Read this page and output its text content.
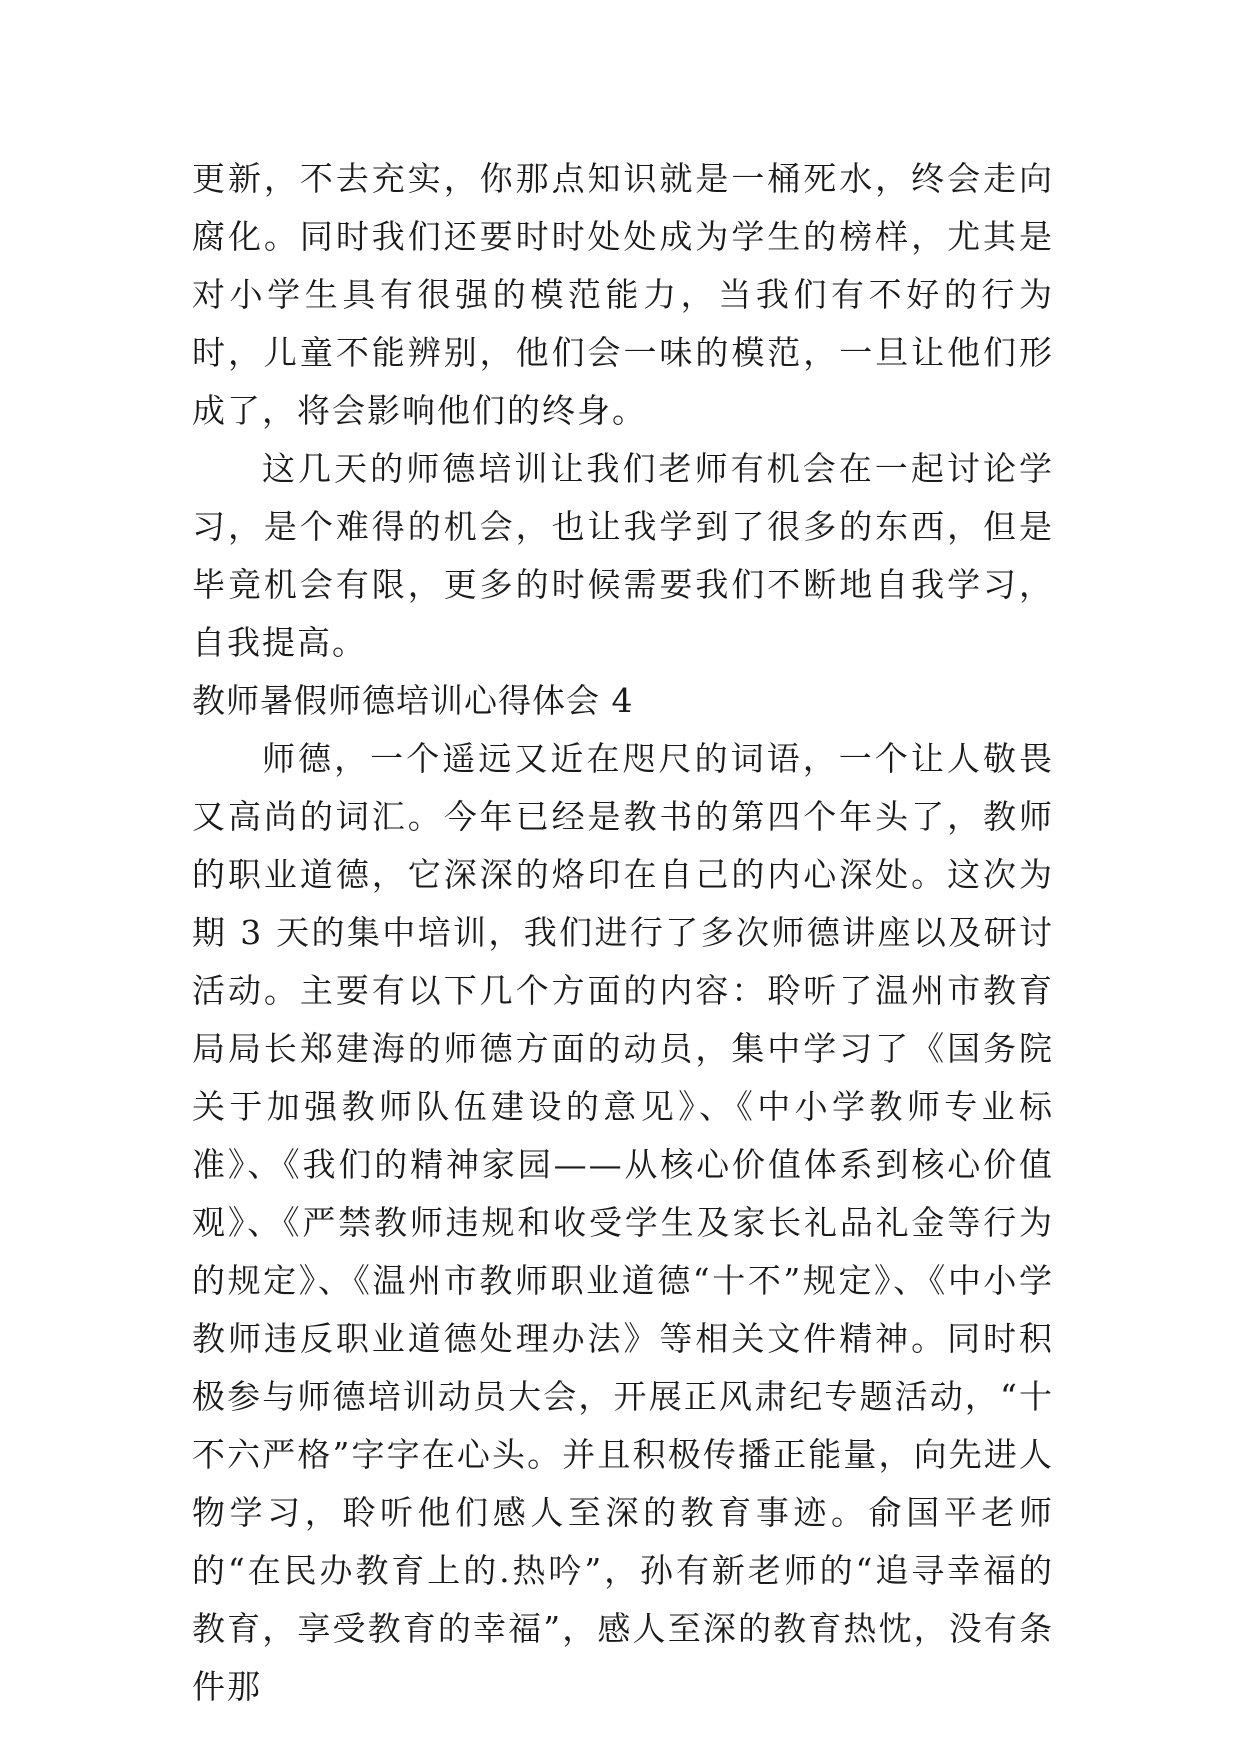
更新，不去充实，你那点知识就是一桶死水，终会走向腐化。同时我们还要时时处处成为学生的榜样，尤其是对小学生具有很强的模范能力，当我们有不好的行为时，儿童不能辨别，他们会一味的模范，一旦让他们形成了，将会影响他们的终身。

这几天的师德培训让我们老师有机会在一起讨论学习，是个难得的机会，也让我学到了很多的东西，但是毕竟机会有限，更多的时候需要我们不断地自我学习，自我提高。

教师暑假师德培训心得体会 4

师德，一个遥远又近在咫尺的词语，一个让人敬畏又高尚的词汇。今年已经是教书的第四个年头了，教师的职业道德，它深深的烙印在自己的内心深处。这次为期 3 天的集中培训，我们进行了多次师德讲座以及研讨活动。主要有以下几个方面的内容：聆听了温州市教育局局长郑建海的师德方面的动员，集中学习了《国务院关于加强教师队伍建设的意见》、《中小学教师专业标准》、《我们的精神家园——从核心价值体系到核心价值观》、《严禁教师违规和收受学生及家长礼品礼金等行为的规定》、《温州市教师职业道德“十不”规定》、《中小学教师违反职业道德处理办法》等相关文件精神。同时积极参与师德培训动员大会，开展正风肃纪专题活动，“十不六严格”字字在心头。并且积极传播正能量，向先进人物学习，聆听他们感人至深的教育事迹。俞国平老师的“在民办教育上的.热吟”，孙有新老师的“追寻幸福的教育，享受教育的幸福”，感人至深的教育热忱，没有条件那
